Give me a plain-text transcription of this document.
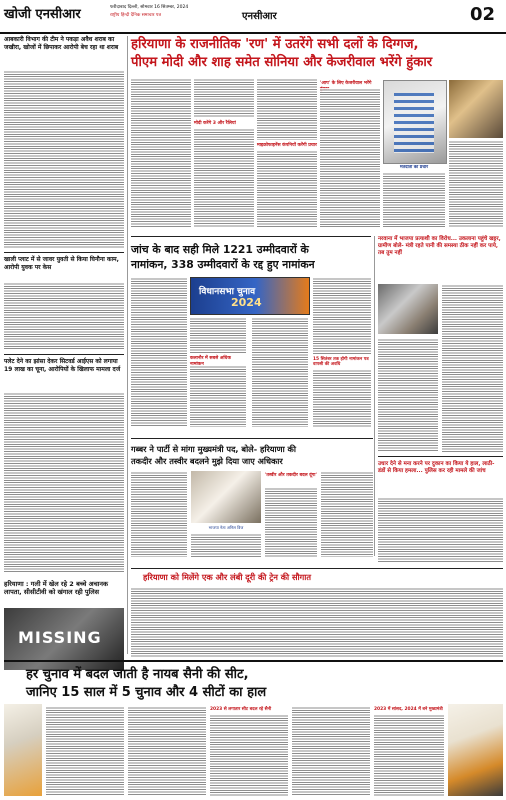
खोजी एनसीआर	फरीदाबाद दिल्ली, सोमवार 16 सितम्बर, 2024
राष्ट्रीय हिन्दी दैनिक समाचार पत्र	एनसीआर	02
आबकारी विभाग की टीम ने पकड़ा अवैध शराब का जखीरा, खोजों में छिपाकर आरोपी बेच रहा था शराब
खाली प्लाट में से जावर युवती से किया घिनौना काम, आरोपी युवक पर केस
पलेट देने का झांसा देकर सिटवर्ड आईएस को लगाया 19 लाख का चूना, आरोपियों के खिलाफ मामला दर्ज
हरियाणा : गली में खेल रहे 2 बच्चे अचानक लापता, सीसीटीवी को खंगाल रही पुलिस
MISSING
हरियाणा के राजनीतिक 'रण' में उतरेंगे सभी दलों के दिग्गज,
पीएम मोदी और शाह समेत सोनिया और केजरीवाल भरेंगे हुंकार
मोदी करेंगे 3 और रैलियां
माइक्रोफाइनेंस कंपनियों करेंगी प्रचार
'आप' के लिए केजरीवाल भरेंगे
मतदाता का प्रचार
जांच के बाद सही मिले 1221 उम्मीदवारों के
नामांकन, 338 उम्मीदवारों के रद्द हुए नामांकन
विधानसभा चुनाव
2024
कलानौर में सबसे अधिक	15 सितंबर तक होगी नामांकन पत्र वापसी की अवधि
नरवाना में भाजपा प्रत्याशी का विरोध... उकलाना पहुंचे खट्टर, ग्रामीण बोले- मंत्री रहते पानी की समस्या ठीक नहीं कर पाये, तब तुम नहीं
उधार देने से मना करने पर दुकान का किया ये हाल, लाठी- डंडों से किया हमला... पुलिस कर रही मामले की जांच
गब्बर ने पार्टी से मांगा मुख्यमंत्री पद, बोले- हरियाणा की
तकदीर और तस्वीर बदलने मुझे दिया जाए अधिकार
भाजपा नेता अनिल विज
'तस्वीर और तकदीर बदल दूंगा'
हरियाणा को मिलेंगे एक और लंबी दूरी की ट्रेन की सौगात
हर चुनाव में बदल जाती है नायब सैनी की सीट,
जानिए 15 साल में 5 चुनाव और 4 सीटों का हाल
2023 से लगातार सीट बदल रहे सैनी	2023 में सांसद, 2024 में बने मुख्यमंत्री
